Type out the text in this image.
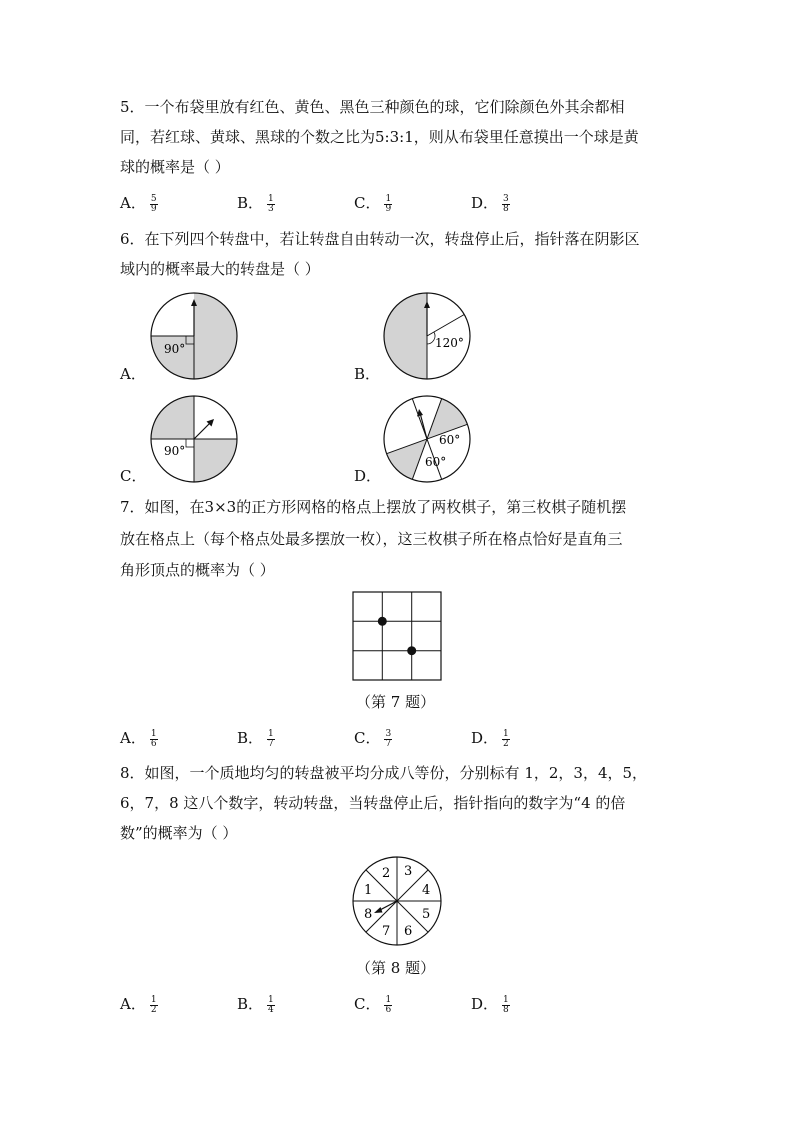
5．一个布袋里放有红色、黄色、黑色三种颜色的球，它们除颜色外其余都相
同，若红球、黄球、黑球的个数之比为5:3:1，则从布袋里任意摸出一个球是黄
球的概率是（ ）
A． $\frac{5}{9}$	B． $\frac{1}{3}$	C． $\frac{1}{9}$	D． $\frac{3}{8}$
6．在下列四个转盘中，若让转盘自由转动一次，转盘停止后，指针落在阴影区
域内的概率最大的转盘是（ ）
A．
90°
B．
120°
C．
90°
D．
60°
60°
7．如图，在3×3的正方形网格的格点上摆放了两枚棋子，第三枚棋子随机摆
放在格点上（每个格点处最多摆放一枚），这三枚棋子所在格点恰好是直角三
角形顶点的概率为（ ）
（第 7 题）
A． $\frac{1}{6}$	B． $\frac{1}{7}$	C． $\frac{3}{7}$	D． $\frac{1}{2}$
8．如图，一个质地均匀的转盘被平均分成八等份，分别标有 1，2，3，4，5，
6，7，8 这八个数字，转动转盘，当转盘停止后，指针指向的数字为“4 的倍
数”的概率为（ ）
1
2 3
4
5
6
7
8
（第 8 题）
A． $\frac{1}{2}$	B． $\frac{1}{4}$	C． $\frac{1}{6}$	D． $\frac{1}{8}$
